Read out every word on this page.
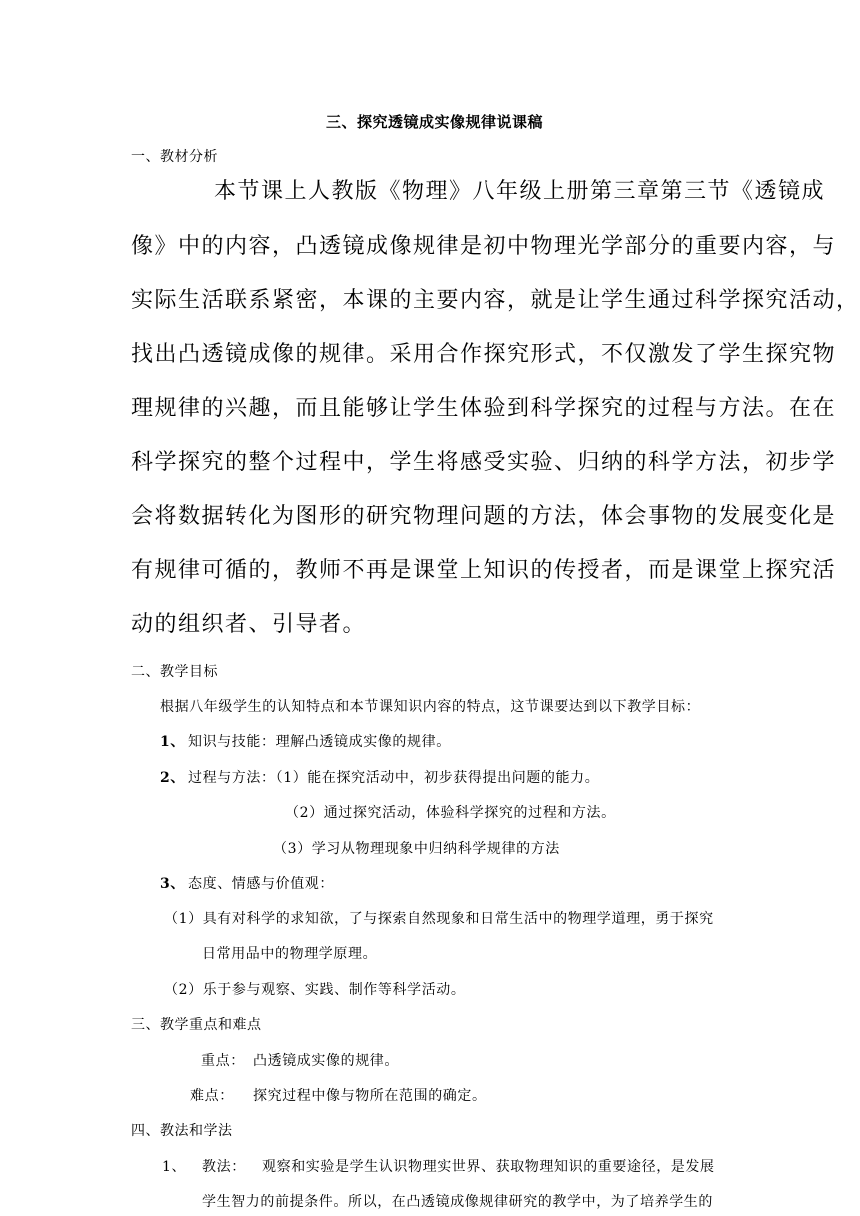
三、探究透镜成实像规律说课稿
一、教材分析
本节课上人教版《物理》八年级上册第三章第三节《透镜成
像》中的内容，凸透镜成像规律是初中物理光学部分的重要内容，与
实际生活联系紧密，本课的主要内容，就是让学生通过科学探究活动，
找出凸透镜成像的规律。采用合作探究形式，不仅激发了学生探究物
理规律的兴趣，而且能够让学生体验到科学探究的过程与方法。在在
科学探究的整个过程中，学生将感受实验、归纳的科学方法，初步学
会将数据转化为图形的研究物理问题的方法，体会事物的发展变化是
有规律可循的，教师不再是课堂上知识的传授者，而是课堂上探究活
动的组织者、引导者。
二、教学目标
根据八年级学生的认知特点和本节课知识内容的特点，这节课要达到以下教学目标：
1、 知识与技能：理解凸透镜成实像的规律。
2、 过程与方法：（1）能在探究活动中，初步获得提出问题的能力。
（2）通过探究活动，体验科学探究的过程和方法。
（3）学习从物理现象中归纳科学规律的方法
3、 态度、情感与价值观：
（1）具有对科学的求知欲，了与探索自然现象和日常生活中的物理学道理，勇于探究
日常用品中的物理学原理。
（2）乐于参与观察、实践、制作等科学活动。
三、教学重点和难点
重点： 凸透镜成实像的规律。
难点： 探究过程中像与物所在范围的确定。
四、教法和学法
1、 教法： 观察和实验是学生认识物理实世界、获取物理知识的重要途径，是发展
学生智力的前提条件。所以，在凸透镜成像规律研究的教学中，为了培养学生的
